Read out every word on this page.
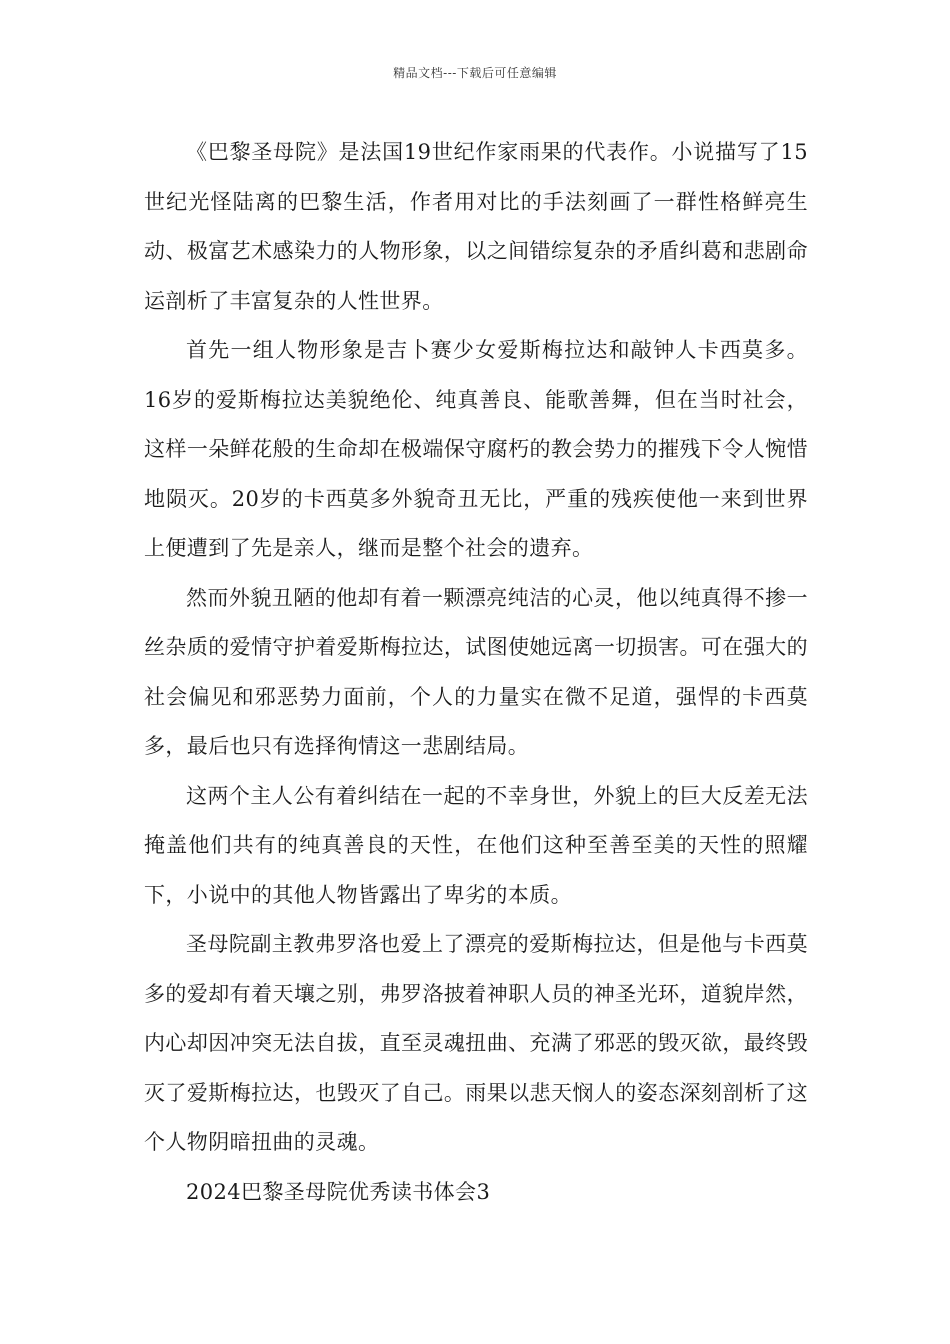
精品文档---下载后可任意编辑

《巴黎圣母院》是法国19世纪作家雨果的代表作。小说描写了15世纪光怪陆离的巴黎生活，作者用对比的手法刻画了一群性格鲜亮生动、极富艺术感染力的人物形象，以之间错综复杂的矛盾纠葛和悲剧命运剖析了丰富复杂的人性世界。

首先一组人物形象是吉卜赛少女爱斯梅拉达和敲钟人卡西莫多。16岁的爱斯梅拉达美貌绝伦、纯真善良、能歌善舞，但在当时社会，这样一朵鲜花般的生命却在极端保守腐朽的教会势力的摧残下令人惋惜地陨灭。20岁的卡西莫多外貌奇丑无比，严重的残疾使他一来到世界上便遭到了先是亲人，继而是整个社会的遗弃。

然而外貌丑陋的他却有着一颗漂亮纯洁的心灵，他以纯真得不掺一丝杂质的爱情守护着爱斯梅拉达，试图使她远离一切损害。可在强大的社会偏见和邪恶势力面前，个人的力量实在微不足道，强悍的卡西莫多，最后也只有选择徇情这一悲剧结局。

这两个主人公有着纠结在一起的不幸身世，外貌上的巨大反差无法掩盖他们共有的纯真善良的天性，在他们这种至善至美的天性的照耀下，小说中的其他人物皆露出了卑劣的本质。

圣母院副主教弗罗洛也爱上了漂亮的爱斯梅拉达，但是他与卡西莫多的爱却有着天壤之别，弗罗洛披着神职人员的神圣光环，道貌岸然，内心却因冲突无法自拔，直至灵魂扭曲、充满了邪恶的毁灭欲，最终毁灭了爱斯梅拉达，也毁灭了自己。雨果以悲天悯人的姿态深刻剖析了这个人物阴暗扭曲的灵魂。

2024巴黎圣母院优秀读书体会3
